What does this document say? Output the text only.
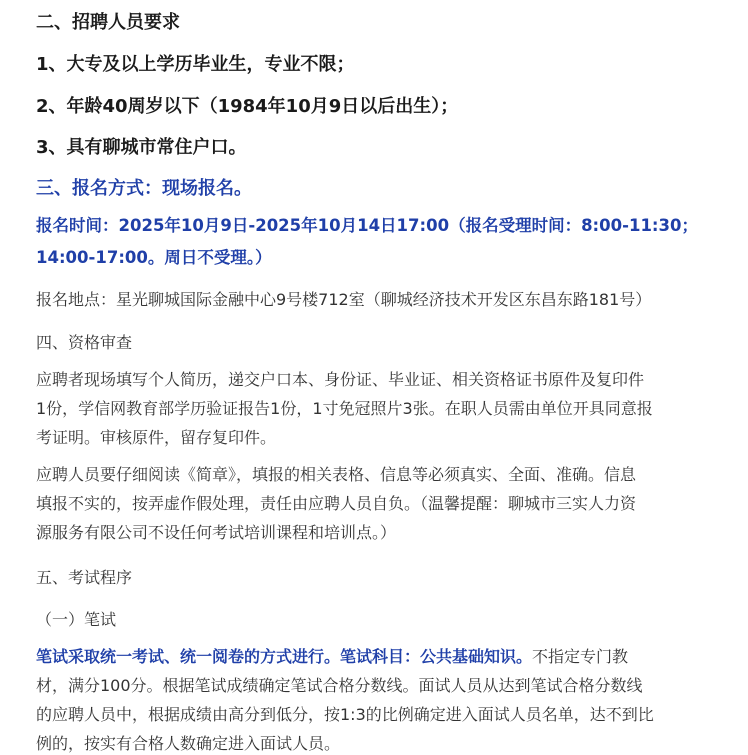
二、招聘人员要求

1、大专及以上学历毕业生，专业不限；

2、年龄40周岁以下（1984年10月9日以后出生）；

3、具有聊城市常住户口。

三、报名方式：现场报名。

报名时间：2025年10月9日-2025年10月14日17:00（报名受理时间：8:00-11:30；

14:00-17:00。周日不受理。）

报名地点：星光聊城国际金融中心9号楼712室（聊城经济技术开发区东昌东路181号）

四、资格审查

应聘者现场填写个人简历，递交户口本、身份证、毕业证、相关资格证书原件及复印件

1份，学信网教育部学历验证报告1份，1寸免冠照片3张。在职人员需由单位开具同意报

考证明。审核原件，留存复印件。

应聘人员要仔细阅读《简章》，填报的相关表格、信息等必须真实、全面、准确。信息

填报不实的，按弄虚作假处理，责任由应聘人员自负。（温馨提醒：聊城市三实人力资

源服务有限公司不设任何考试培训课程和培训点。）

五、考试程序

（一）笔试

笔试采取统一考试、统一阅卷的方式进行。笔试科目：公共基础知识。不指定专门教

材，满分100分。根据笔试成绩确定笔试合格分数线。面试人员从达到笔试合格分数线

的应聘人员中，根据成绩由高分到低分，按1:3的比例确定进入面试人员名单，达不到比

例的，按实有合格人数确定进入面试人员。
